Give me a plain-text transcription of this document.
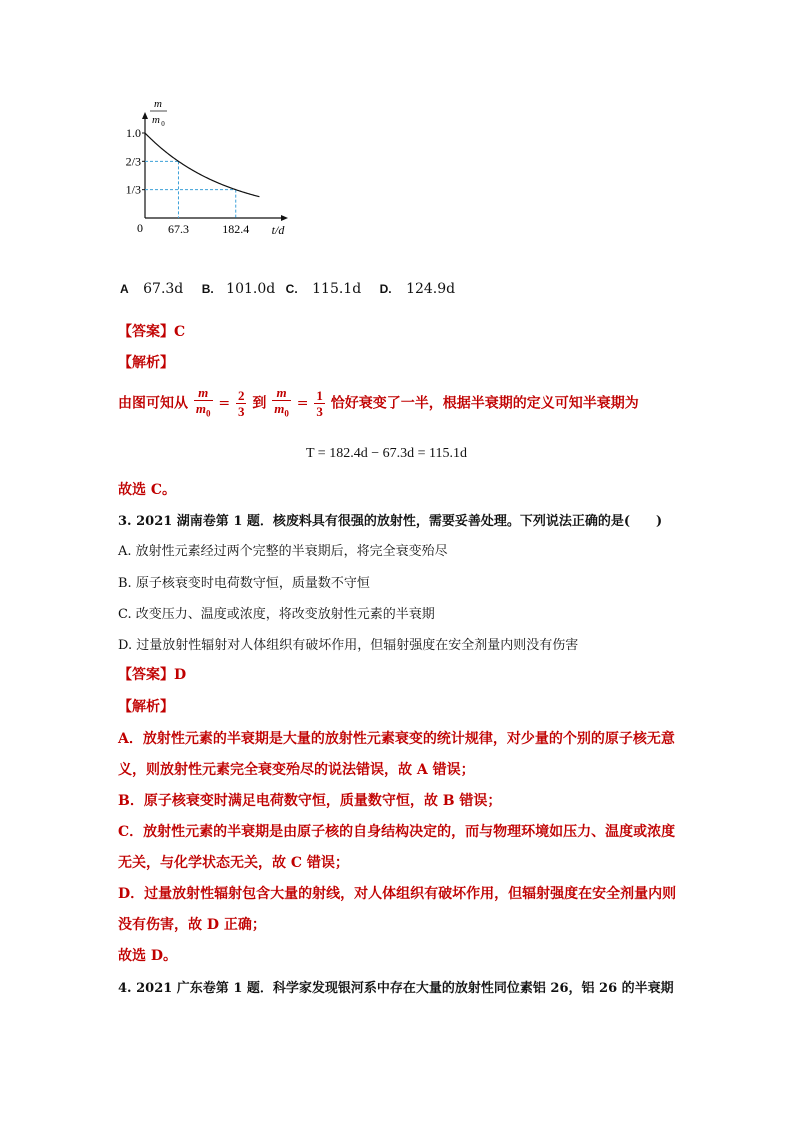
m
m 0
1.0
2/3
1/3
0 67.3	182.4 t/d
A 67.3d B. 101.0d C. 115.1d D. 124.9d
【答案】C
【解析】
由图可知从 $\frac{m}{m_0} = \frac{2}{3}$ 到 $\frac{m}{m_0} = \frac{1}{3}$ 恰好衰变了一半，根据半衰期的定义可知半衰期为
T = 182.4d − 67.3d = 115.1d
故选 C。
3. 2021 湖南卷第 1 题．核废料具有很强的放射性，需要妥善处理。下列说法正确的是(　　)
A. 放射性元素经过两个完整的半衰期后，将完全衰变殆尽
B. 原子核衰变时电荷数守恒，质量数不守恒
C. 改变压力、温度或浓度，将改变放射性元素的半衰期
D. 过量放射性辐射对人体组织有破坏作用，但辐射强度在安全剂量内则没有伤害
【答案】D
【解析】
A．放射性元素的半衰期是大量的放射性元素衰变的统计规律，对少量的个别的原子核无意
义，则放射性元素完全衰变殆尽的说法错误，故 A 错误；
B．原子核衰变时满足电荷数守恒，质量数守恒，故 B 错误；
C．放射性元素的半衰期是由原子核的自身结构决定的，而与物理环境如压力、温度或浓度
无关，与化学状态无关，故 C 错误；
D．过量放射性辐射包含大量的射线，对人体组织有破坏作用，但辐射强度在安全剂量内则
没有伤害，故 D 正确；
故选 D。
4. 2021 广东卷第 1 题．科学家发现银河系中存在大量的放射性同位素铝 26，铝 26 的半衰期
